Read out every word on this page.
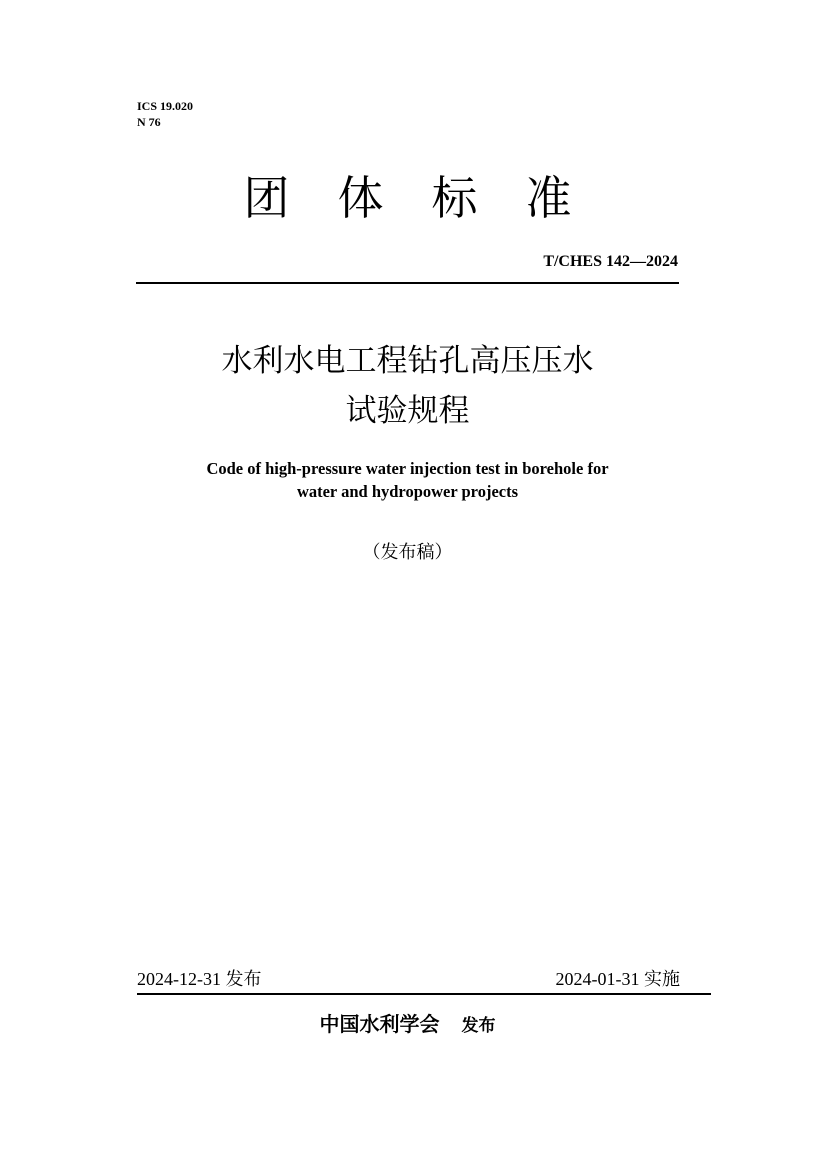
ICS 19.020
N 76
团体标准
T/CHES 142—2024
水利水电工程钻孔高压压水
试验规程
Code of high-pressure water injection test in borehole for
water and hydropower projects
（发布稿）
2024-12-31 发布	2024-01-31 实施
中国水利学会 发布
